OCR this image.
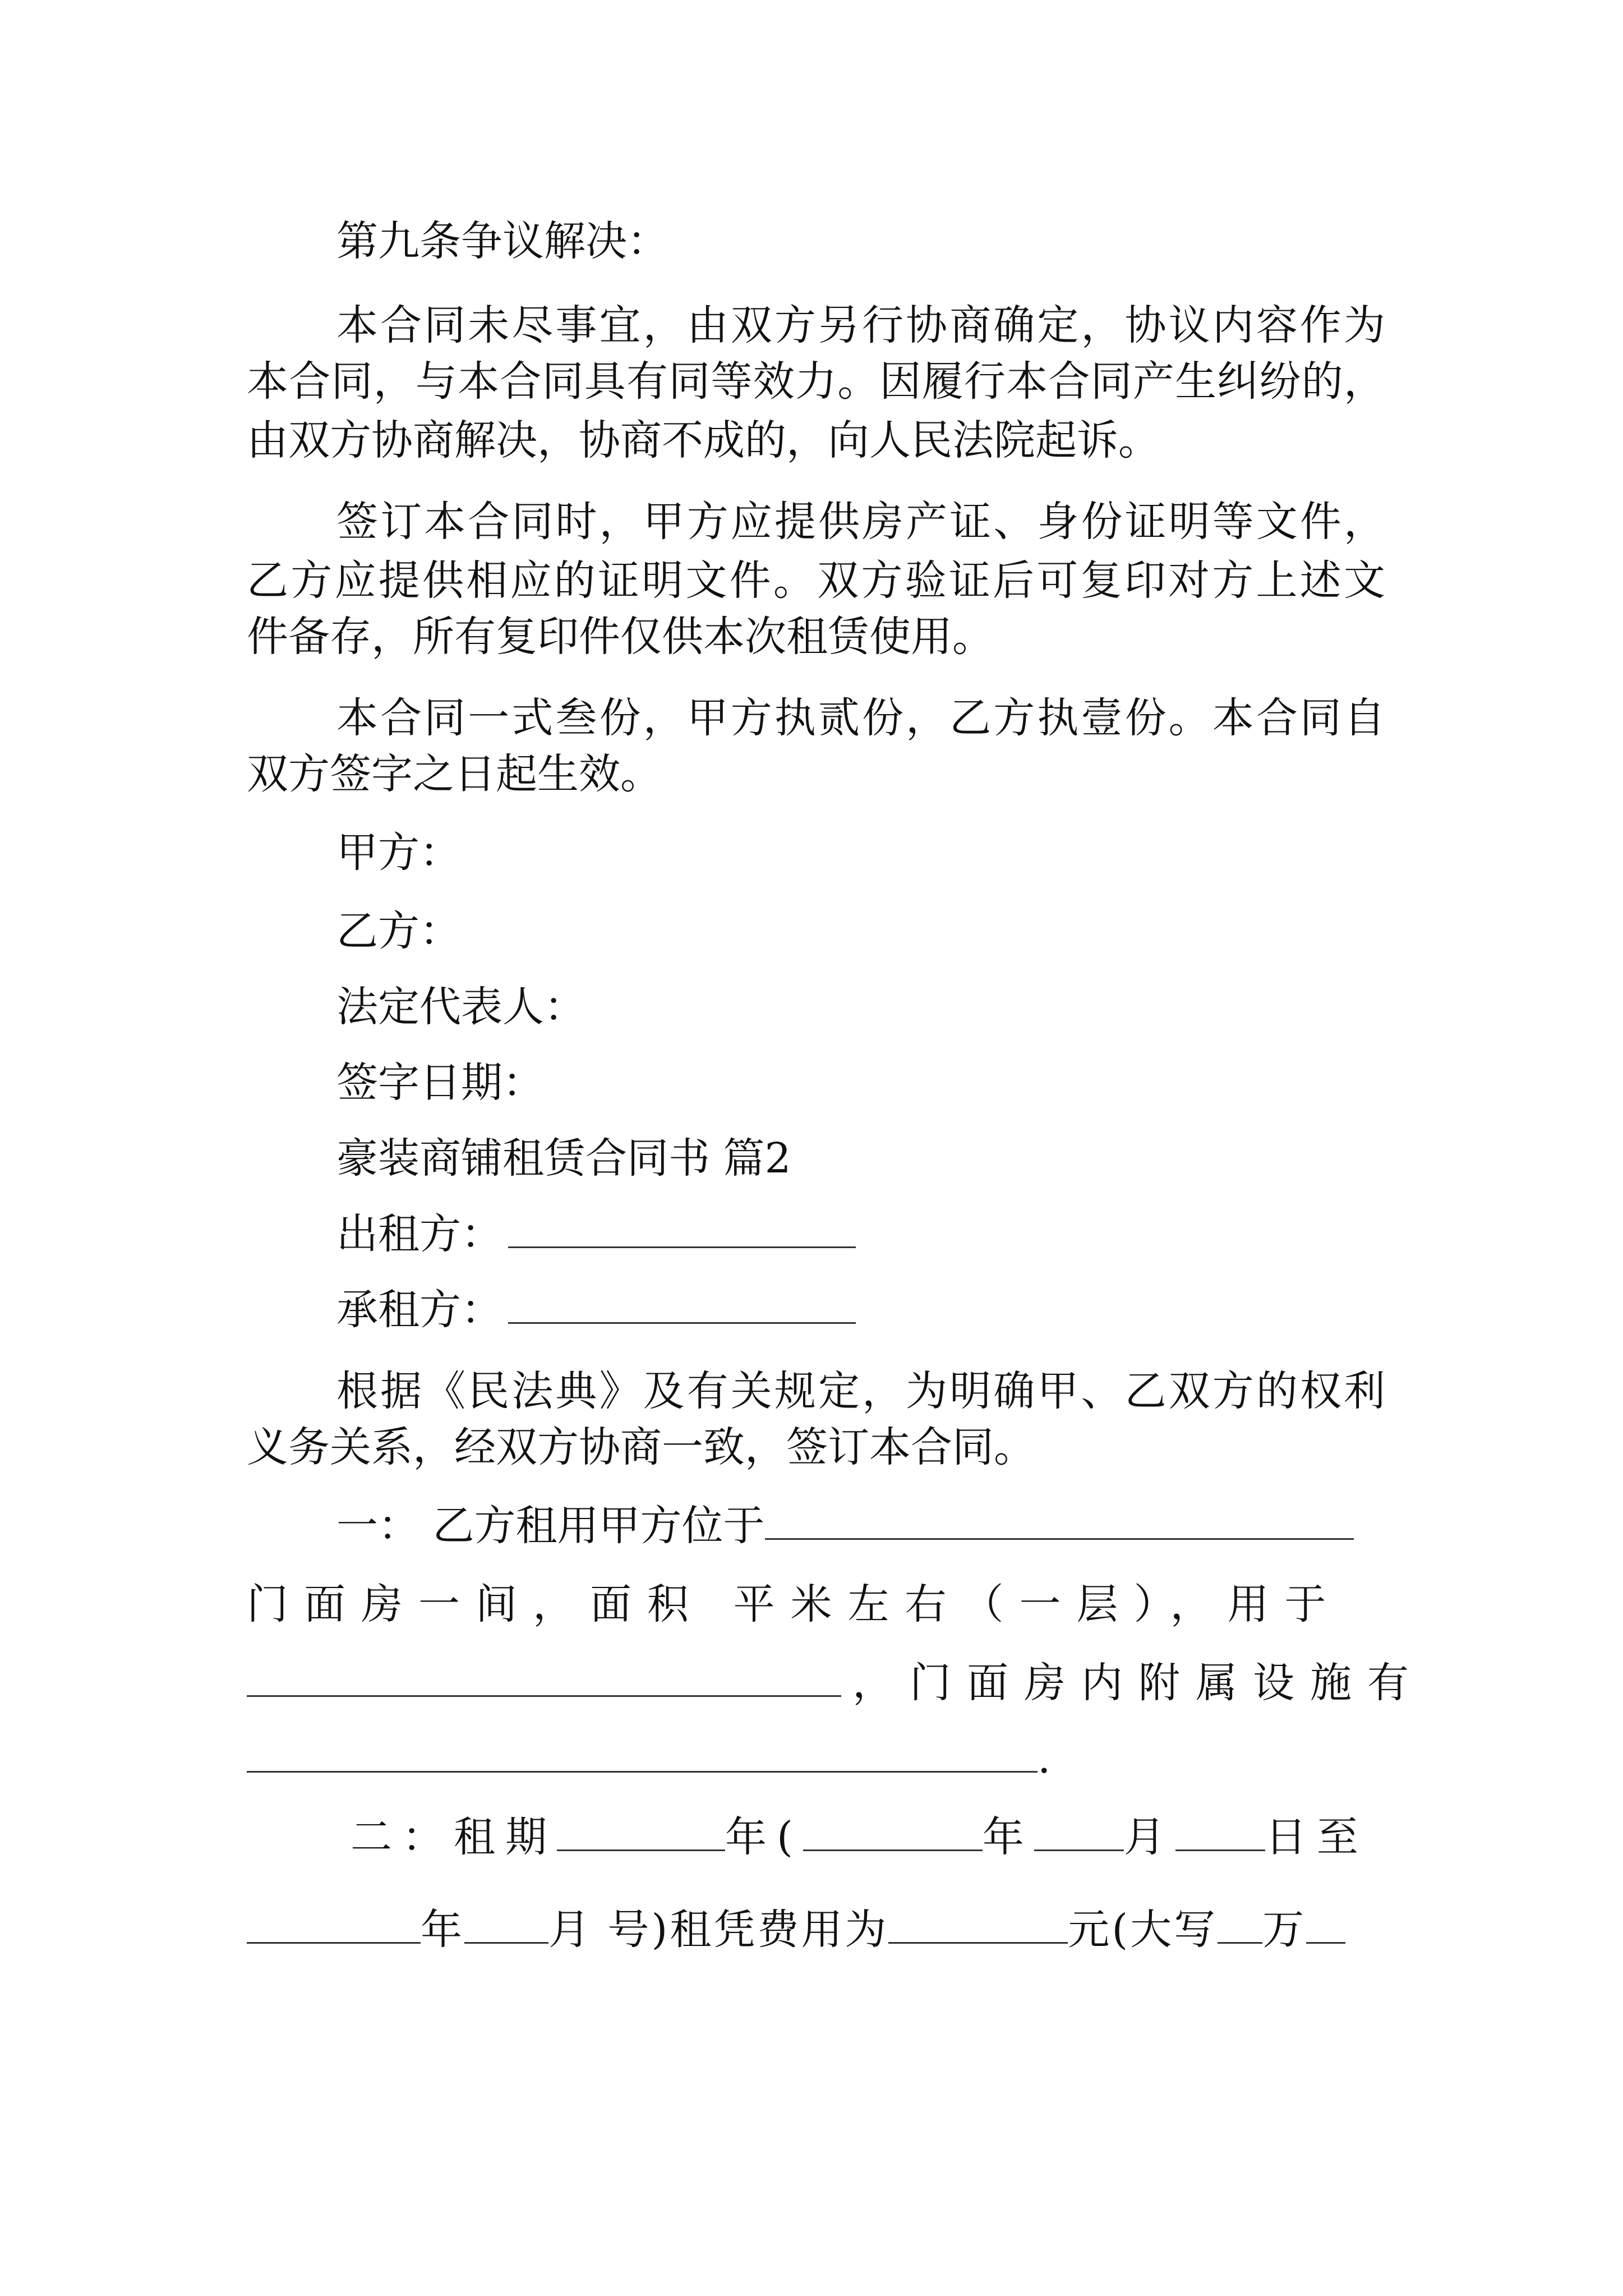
第九条争议解决：
本合同未尽事宜，由双方另行协商确定，协议内容作为
本合同，与本合同具有同等效力。因履行本合同产生纠纷的，
由双方协商解决，协商不成的，向人民法院起诉。
签订本合同时，甲方应提供房产证、身份证明等文件，
乙方应提供相应的证明文件。双方验证后可复印对方上述文
件备存，所有复印件仅供本次租赁使用。
本合同一式叁份，甲方执贰份，乙方执壹份。本合同自
双方签字之日起生效。
甲方：
乙方：
法定代表人：
签字日期：
豪装商铺租赁合同书 篇2
出租方：
承租方：
根据《民法典》及有关规定，为明确甲、乙双方的权利
义务关系，经双方协商一致，签订本合同。
一： 乙方租用甲方位于
门面房一间，面积 平米左右（一层），用于
，门面房内附属设施有
.
二：租期	年(	年 月 日至
年 月 号)租凭费用为	元(大写 万
